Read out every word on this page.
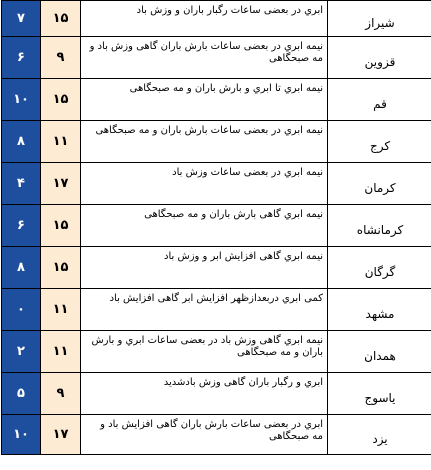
۷	۱۵	ابري در بعضی ساعات رگبار باران و وزش باد	شیراز

۶	۹	نیمه ابري در بعضی ساعات بارش باران گاهی وزش باد و مه صبحگاهی	قزوین

۱۰	۱۵	نیمه ابري تا ابري و بارش باران و مه صبحگاهی	قم

۸	۱۱	نیمه ابري در بعضی ساعات بارش باران و مه صبحگاهی	کرج

۴	۱۷	نیمه ابري در بعضی ساعات وزش باد	کرمان

۶	۱۵	نیمه ابري گاهی بارش باران و مه صبحگاهی	کرمانشاه

۸	۱۵	نیمه ابري گاهی افزایش ابر و وزش باد	گرگان

۰	۱۱	کمی ابري دربعدازظهر افزایش ابر گاهی افزایش باد	مشهد

۲	۱۱	نیمه ابري گاهی وزش باد در بعضی ساعات ابري و بارش باران و مه صبحگاهی	همدان

۵	۹	ابري و رگبار باران گاهی وزش بادشدید	یاسوج

۱۰	۱۷	ابري در بعضی ساعات بارش باران گاهی افزایش باد و مه صبحگاهی	یزد
